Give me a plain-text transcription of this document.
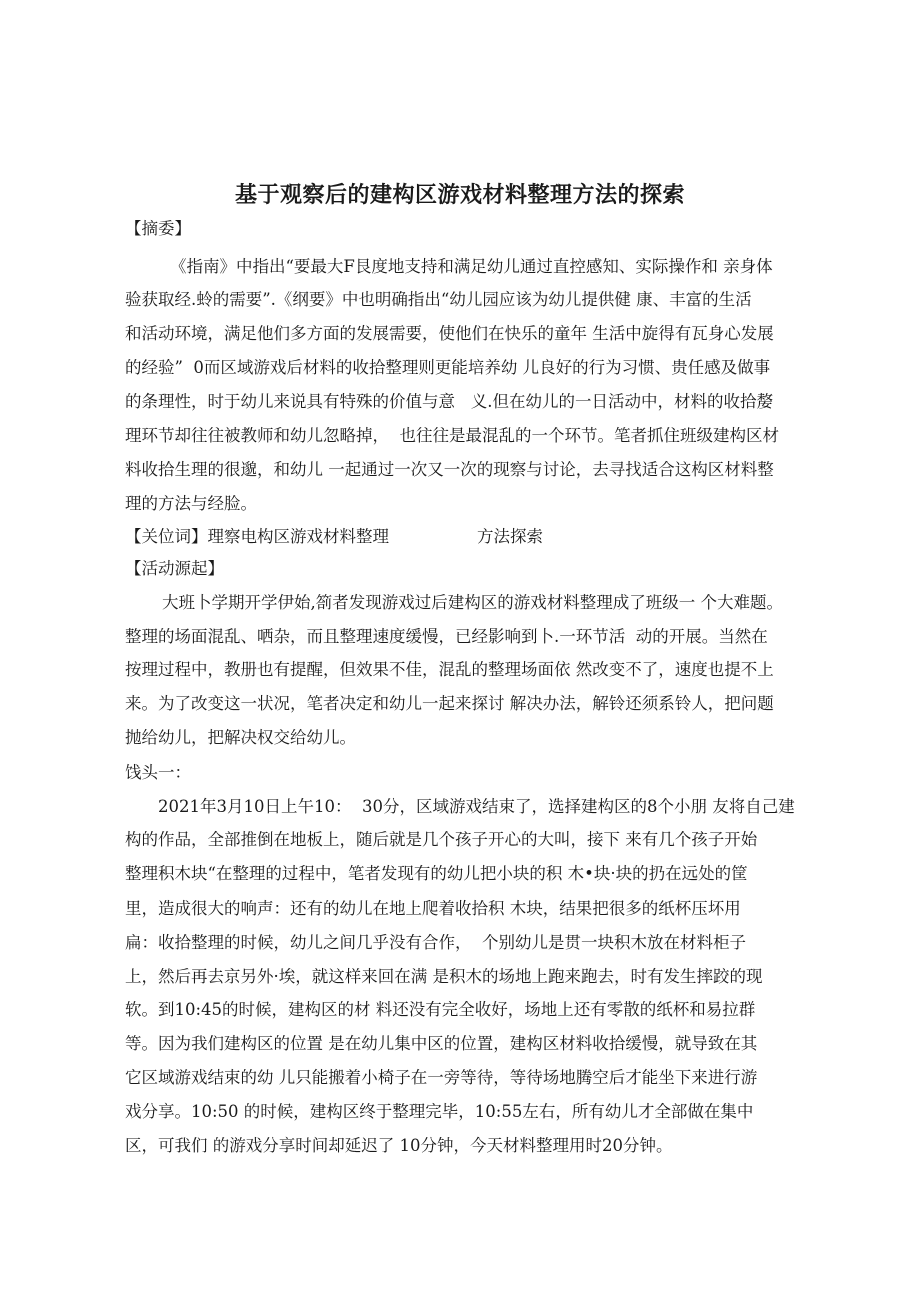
基于观察后的建构区游戏材料整理方法的探索
【摘委】
《指南》中指出“要最大F艮度地支持和满足幼儿通过直控感知、实际操作和 亲身体
验获取经.蛉的需要”.《纲要》中也明确指出“幼儿园应该为幼儿提供健 康、丰富的生活
和活动环境，满足他们多方面的发展需要，使他们在快乐的童年 生活中旋得有瓦身心发展
的经验”  0而区域游戏后材料的收拾整理则更能培养幼 儿良好的行为习惯、贵任感及做事
的条理性，时于幼儿来说具有特殊的价值与意   义.但在幼儿的一日活动中，材料的收拾嫠
理环节却往往被教师和幼儿忽略掉，  也往往是最混乱的一个环节。笔者抓住班级建构区材
料收拾生理的很邈，和幼儿 一起通过一次又一次的现察与讨论，去寻找适合这构区材料整
理的方法与经脸。
【关位词】理察电构区游戏材料整理	方法探索
【活动源起】
大班卜学期开学伊始,箚者发现游戏过后建构区的游戏材料整理成了班级一 个大难题。
整理的场面混乱、哂杂，而且整理速度缓慢，已经影响到卜.一环节活  动的开展。当然在
按理过程中，教册也有提醒，但效果不佳，混乱的整理场面依 然改变不了，速度也提不上
来。为了改变这一状况，笔者决定和幼儿一起来探讨 解决办法，解铃还须系铃人，把问题
抛给幼儿，把解决权交给幼儿。
饯头一：
2021年3月10日上午10：  30分，区域游戏结束了，选择建构区的8个小朋 友将自己建
构的作品，全部推倒在地板上，随后就是几个孩子开心的大叫，接下 来有几个孩子开始
整理积木块“在整理的过程中，笔者发现有的幼儿把小块的积 木•块·块的扔在远处的筐
里，造成很大的响声：还有的幼儿在地上爬着收拾积 木块，结果把很多的纸杯压坏用
扁：收拾整理的时候，幼儿之间几乎没有合作，  个别幼儿是贯一块积木放在材料柜子
上，然后再去京另外·埃，就这样来回在满 是积木的场地上跑来跑去，时有发生摔跤的现
软。到10:45的时候，建构区的材 料还没有完全收好，场地上还有零散的纸杯和易拉群
等。因为我们建构区的位置 是在幼儿集中区的位置，建构区材料收拾缓慢，就导致在其
它区域游戏结束的幼 儿只能搬着小椅子在一旁等待，等待场地腾空后才能坐下来进行游
戏分享。10:50 的时候，建构区终于整理完毕，10:55左右，所有幼儿才全部做在集中
区，可我们 的游戏分享时间却延迟了 10分钟，今天材料整理用时20分钟。
